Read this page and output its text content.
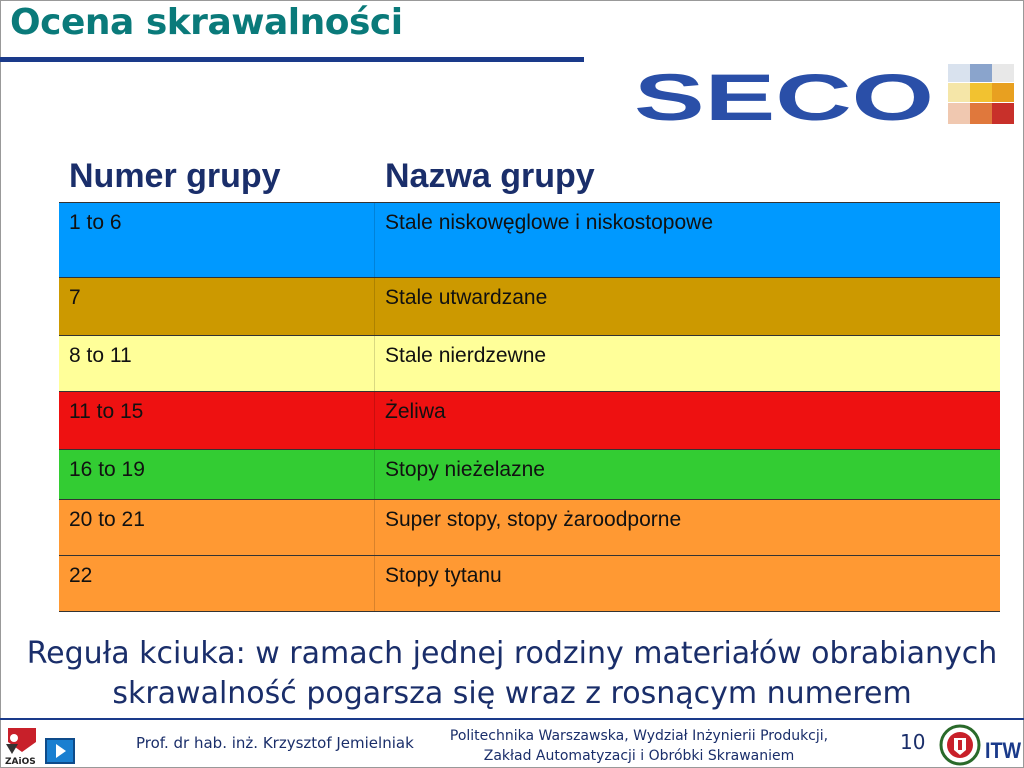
Ocena skrawalności
SECO
Numer grupy	Nazwa grupy
1 to 6	Stale niskowęglowe i niskostopowe
7	Stale utwardzane
8 to 11	Stale nierdzewne
11 to 15	Żeliwa
16 to 19	Stopy nieżelazne
20 to 21	Super stopy, stopy żaroodporne
22	Stopy tytanu
Reguła kciuka: w ramach jednej rodziny materiałów obrabianych skrawalność pogarsza się wraz z rosnącym numerem
ZAiOS
Prof. dr hab. inż. Krzysztof Jemielniak	Politechnika Warszawska, Wydział Inżynierii Produkcji,
Zakład Automatyzacji i Obróbki Skrawaniem
10	ITW
